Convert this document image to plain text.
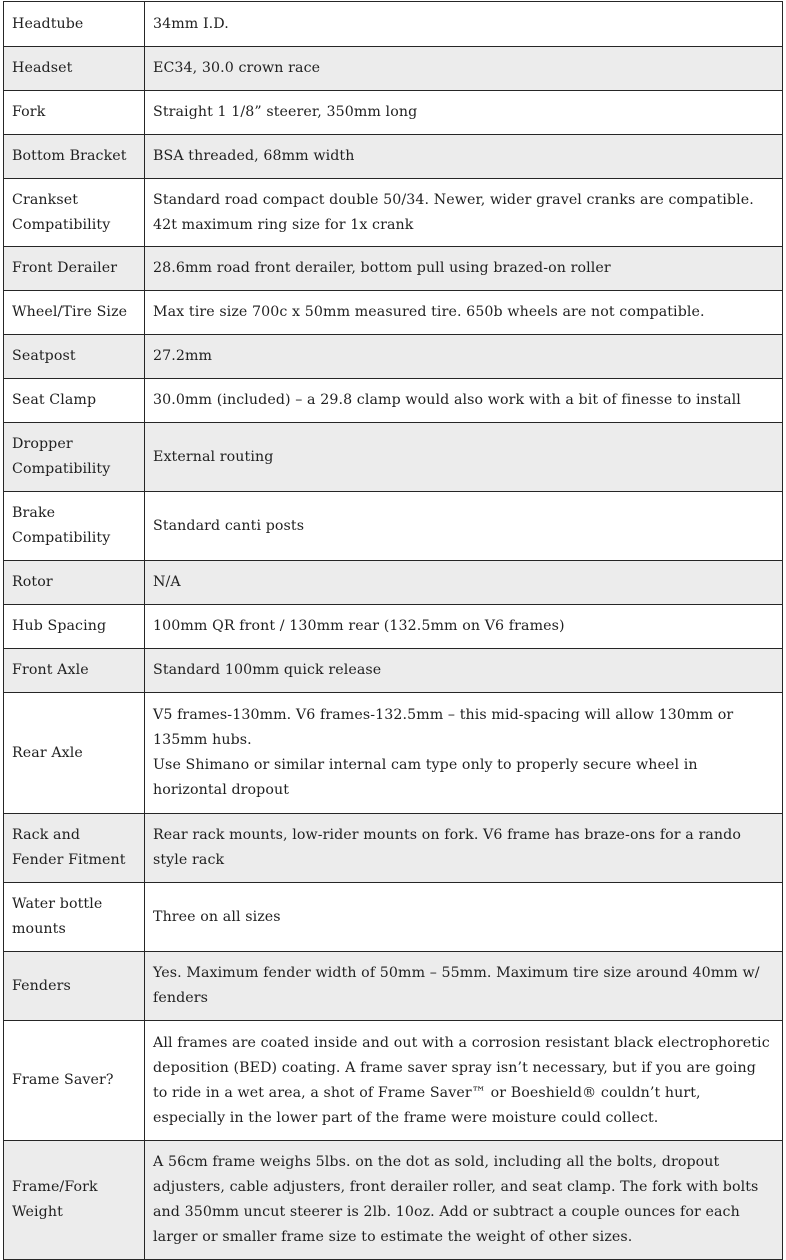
Headtube	34mm I.D.
Headset	EC34, 30.0 crown race
Fork	Straight 1 1/8” steerer, 350mm long
Bottom Bracket	BSA threaded, 68mm width
Crankset Compatibility	Standard road compact double 50/34. Newer, wider gravel cranks are compatible. 42t maximum ring size for 1x crank
Front Derailer	28.6mm road front derailer, bottom pull using brazed-on roller
Wheel/Tire Size	Max tire size 700c x 50mm measured tire. 650b wheels are not compatible.
Seatpost	27.2mm
Seat Clamp	30.0mm (included) – a 29.8 clamp would also work with a bit of finesse to install
Dropper Compatibility	External routing
Brake Compatibility	Standard canti posts
Rotor	N/A
Hub Spacing	100mm QR front / 130mm rear (132.5mm on V6 frames)
Front Axle	Standard 100mm quick release
Rear Axle	V5 frames-130mm. V6 frames-132.5mm – this mid-spacing will allow 130mm or 135mm hubs.
Use Shimano or similar internal cam type only to properly secure wheel in horizontal dropout

Rack and Fender Fitment	Rear rack mounts, low-rider mounts on fork. V6 frame has braze-ons for a rando style rack
Water bottle mounts	Three on all sizes
Fenders	Yes. Maximum fender width of 50mm – 55mm. Maximum tire size around 40mm w/ fenders
Frame Saver?	All frames are coated inside and out with a corrosion resistant black electrophoretic deposition (BED) coating. A frame saver spray isn’t necessary, but if you are going to ride in a wet area, a shot of Frame Saver™ or Boeshield® couldn’t hurt, especially in the lower part of the frame were moisture could collect.
Frame/Fork Weight	A 56cm frame weighs 5lbs. on the dot as sold, including all the bolts, dropout adjusters, cable adjusters, front derailer roller, and seat clamp. The fork with bolts and 350mm uncut steerer is 2lb. 10oz. Add or subtract a couple ounces for each larger or smaller frame size to estimate the weight of other sizes.
